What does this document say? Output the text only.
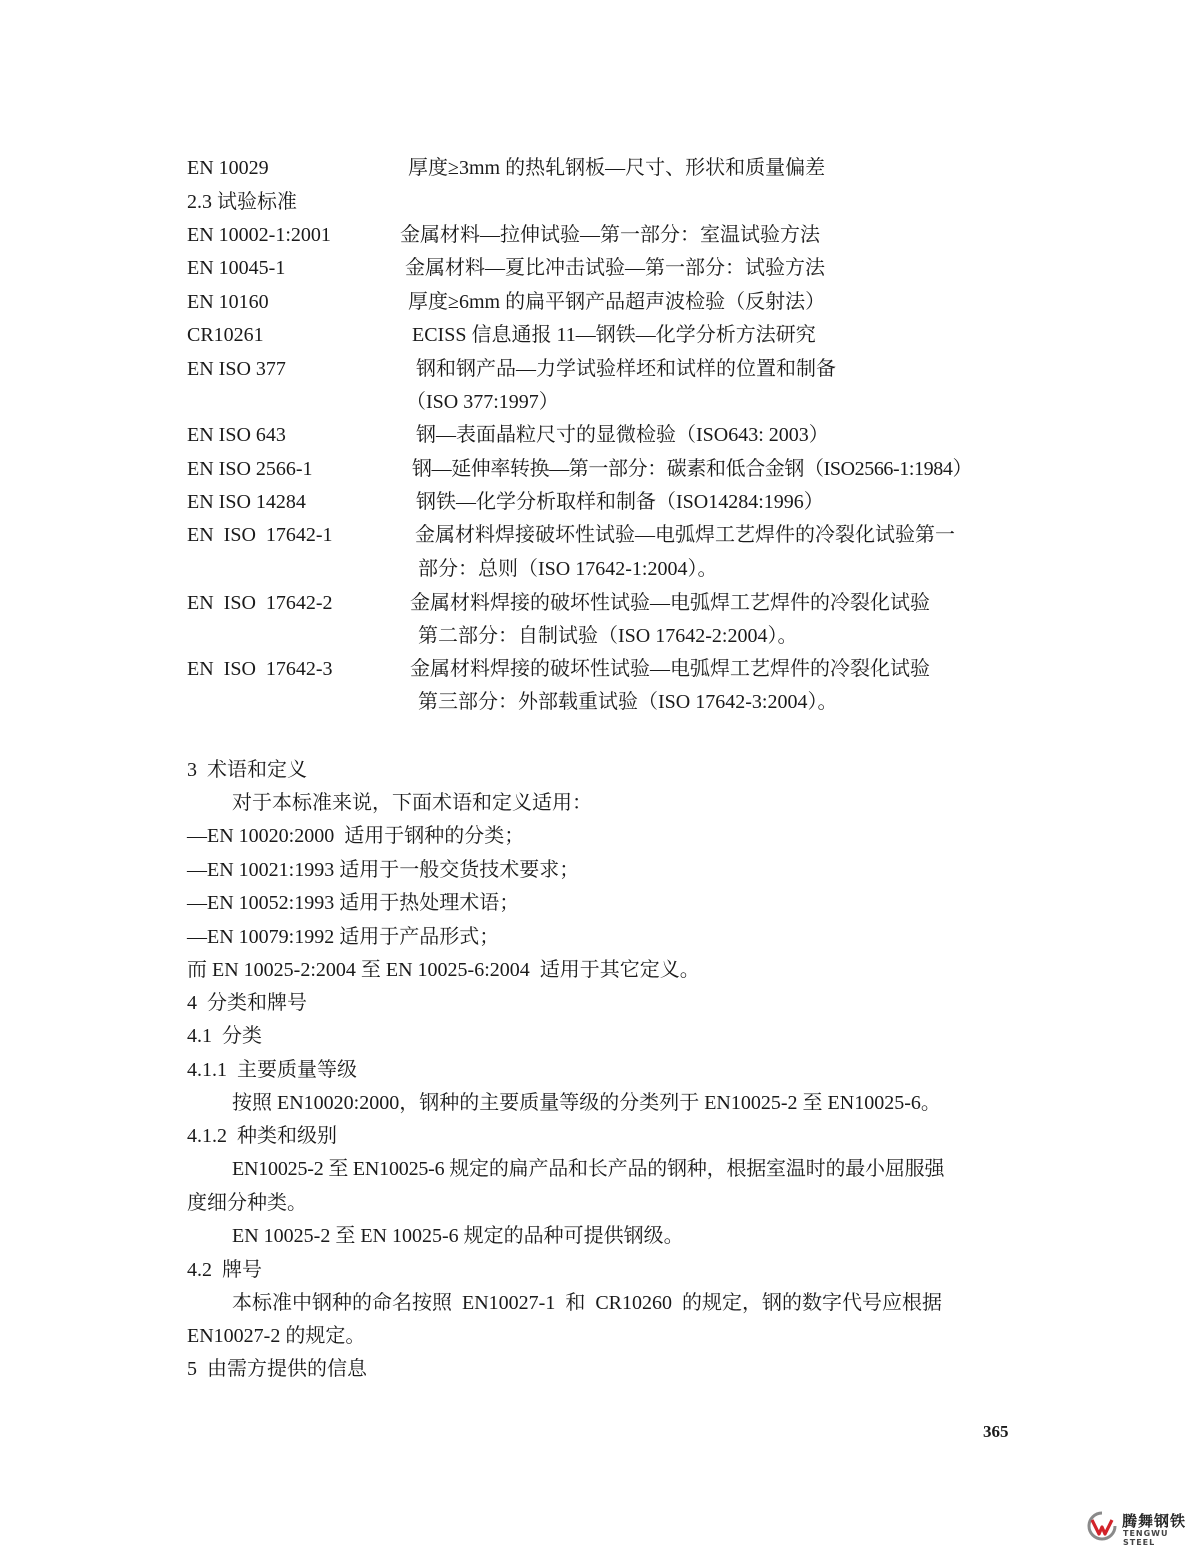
EN 10029	厚度≥3mm 的热轧钢板—尺寸、形状和质量偏差
2.3 试验标准
EN 10002-1:2001	金属材料—拉伸试验—第一部分：室温试验方法
EN 10045-1	金属材料—夏比冲击试验—第一部分：试验方法
EN 10160	厚度≥6mm 的扁平钢产品超声波检验（反射法）
CR10261	ECISS 信息通报 11—钢铁—化学分析方法研究
EN ISO 377	钢和钢产品—力学试验样坯和试样的位置和制备
（ISO 377:1997）
EN ISO 643	钢—表面晶粒尺寸的显微检验（ISO643: 2003）
EN ISO 2566-1	钢—延伸率转换—第一部分：碳素和低合金钢（ISO2566-1:1984）
EN ISO 14284	钢铁—化学分析取样和制备（ISO14284:1996）
EN  ISO  17642-1	金属材料焊接破坏性试验—电弧焊工艺焊件的冷裂化试验第一
部分：总则（ISO 17642-1:2004）。
EN  ISO  17642-2	金属材料焊接的破坏性试验—电弧焊工艺焊件的冷裂化试验
第二部分：自制试验（ISO 17642-2:2004）。
EN  ISO  17642-3	金属材料焊接的破坏性试验—电弧焊工艺焊件的冷裂化试验
第三部分：外部载重试验（ISO 17642-3:2004）。
3  术语和定义
对于本标准来说，下面术语和定义适用：
—EN 10020:2000  适用于钢种的分类；
—EN 10021:1993 适用于一般交货技术要求；
—EN 10052:1993 适用于热处理术语；
—EN 10079:1992 适用于产品形式；
而 EN 10025-2:2004 至 EN 10025-6:2004  适用于其它定义。
4  分类和牌号
4.1  分类
4.1.1  主要质量等级
按照 EN10020:2000，钢种的主要质量等级的分类列于 EN10025-2 至 EN10025-6。
4.1.2  种类和级别
EN10025-2 至 EN10025-6 规定的扁产品和长产品的钢种，根据室温时的最小屈服强
度细分种类。
EN 10025-2 至 EN 10025-6 规定的品种可提供钢级。
4.2  牌号
本标准中钢种的命名按照  EN10027-1  和  CR10260  的规定，钢的数字代号应根据
EN10027-2 的规定。
5  由需方提供的信息
365
腾舞钢铁
TENGWU STEEL
